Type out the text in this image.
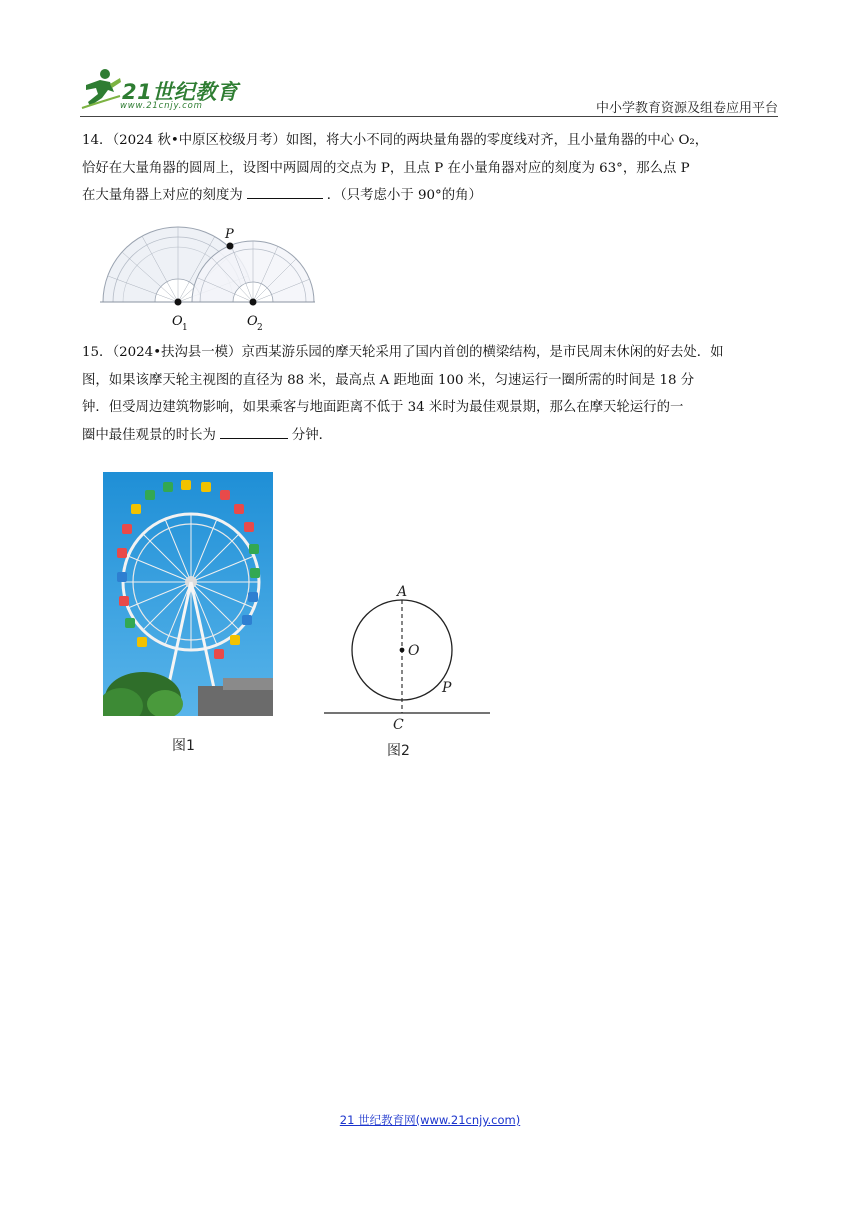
21世纪教育
www.21cnjy.com	中小学教育资源及组卷应用平台

14．（2024 秋•中原区校级月考）如图，将大小不同的两块量角器的零度线对齐，且小量角器的中心 O₂，

恰好在大量角器的圆周上，设图中两圆周的交点为 P，且点 P 在小量角器对应的刻度为 63°，那么点 P

在大量角器上对应的刻度为	．（只考虑小于 90°的角）

P
O 1	O 2

15．（2024•扶沟县一模）京西某游乐园的摩天轮采用了国内首创的横梁结构，是市民周末休闲的好去处．如

图，如果该摩天轮主视图的直径为 88 米，最高点 A 距地面 100 米，匀速运行一圈所需的时间是 18 分

钟．但受周边建筑物影响，如果乘客与地面距离不低于 34 米时为最佳观景期，那么在摩天轮运行的一

圈中最佳观景的时长为	分钟．

图1
A
O
P
C
图2
21 世纪教育网(www.21cnjy.com)
